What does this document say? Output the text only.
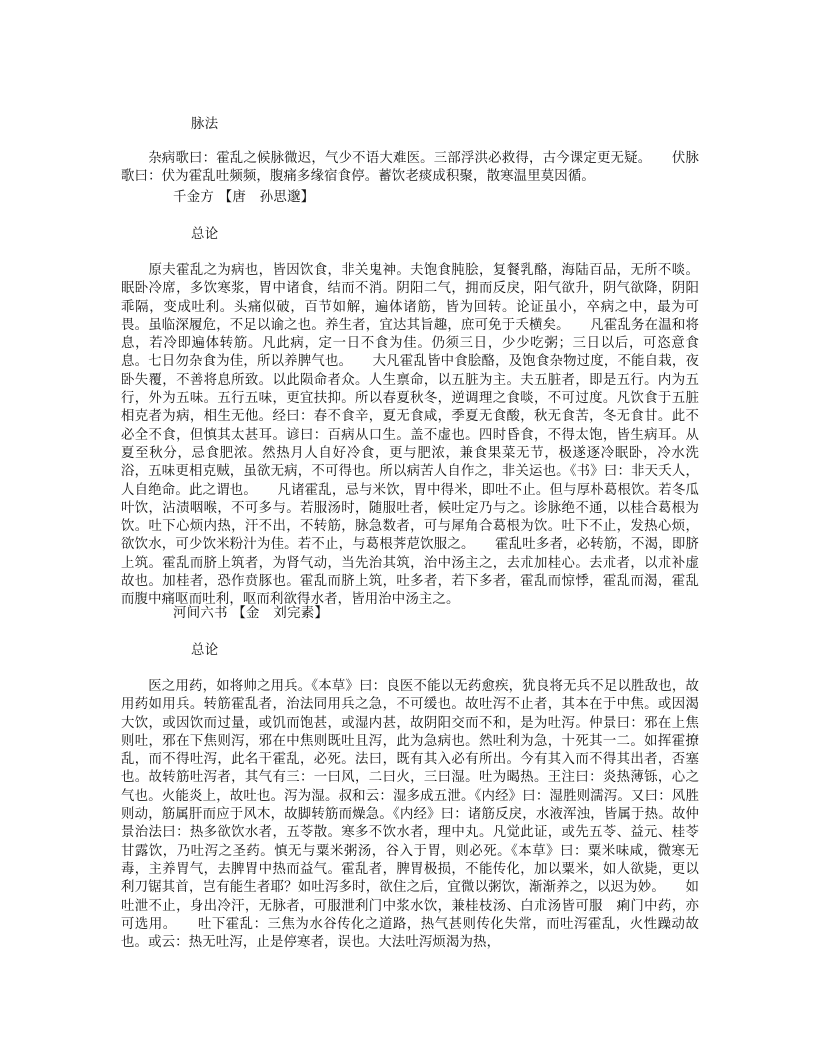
脉法

　　杂病歌曰：霍乱之候脉微迟，气少不语大难医。三部浮洪必救得，古今课定更无疑。　　伏脉歌曰：伏为霍乱吐频频，腹痛多缘宿食停。蓄饮老痰成积聚，散寒温里莫因循。

千金方 【唐　孙思邈】
总论

　　原夫霍乱之为病也，皆因饮食，非关鬼神。夫饱食肫脍，复餐乳酪，海陆百品，无所不啖。眠卧冷席，多饮寒浆，胃中诸食，结而不消。阴阳二气，拥而反戾，阳气欲升，阴气欲降，阴阳乖隔，变成吐利。头痛似破，百节如解，遍体诸筋，皆为回转。论证虽小，卒病之中，最为可畏。虽临深履危，不足以谕之也。养生者，宜达其旨趣，庶可免于夭横矣。　　凡霍乱务在温和将息，若冷即遍体转筋。凡此病，定一日不食为佳。仍须三日，少少吃粥；三日以后，可恣意食息。七日勿杂食为佳，所以养脾气也。　　大凡霍乱皆中食脍酪，及饱食杂物过度，不能自栽，夜卧失覆，不善将息所致。以此陨命者众。人生禀命，以五脏为主。夫五脏者，即是五行。内为五行，外为五味。五行五味，更宜扶抑。所以春夏秋冬，逆调理之食啖，不可过度。凡饮食于五脏相克者为病，相生无他。经曰：春不食辛，夏无食咸，季夏无食酸，秋无食苦，冬无食甘。此不必全不食，但慎其太甚耳。谚曰：百病从口生。盖不虚也。四时昏食，不得太饱，皆生病耳。从夏至秋分，忌食肥浓。然热月人自好冷食，更与肥浓，兼食果菜无节，极遂逐冷眠卧，冷水洗浴，五味更相克贼，虽欲无病，不可得也。所以病苦人自作之，非关运也。《书》曰：非天夭人，人自绝命。此之谓也。　　凡诸霍乱，忌与米饮，胃中得米，即吐不止。但与厚朴葛根饮。若冬瓜叶饮，沾渍咽喉，不可多与。若服汤时，随服吐者，候吐定乃与之。诊脉绝不通，以桂合葛根为饮。吐下心烦内热，汗不出，不转筋，脉急数者，可与犀角合葛根为饮。吐下不止，发热心烦，欲饮水，可少饮米粉汁为佳。若不止，与葛根荠苨饮服之。　　霍乱吐多者，必转筋，不渴，即脐上筑。霍乱而脐上筑者，为肾气动，当先治其筑，治中汤主之，去朮加桂心。去朮者，以朮补虚故也。加桂者，恐作贲豚也。霍乱而脐上筑，吐多者，若下多者，霍乱而惊悸，霍乱而渴，霍乱而腹中痛呕而吐利，呕而利欲得水者，皆用治中汤主之。

河间六书 【金　刘完素】
总论

　　医之用药，如将帅之用兵。《本草》曰：良医不能以无药愈疾，犹良将无兵不足以胜敌也，故用药如用兵。转筋霍乱者，治法同用兵之急，不可缓也。故吐泻不止者，其本在于中焦。或因渴大饮，或因饮而过量，或饥而饱甚，或湿内甚，故阴阳交而不和，是为吐泻。仲景曰：邪在上焦则吐，邪在下焦则泻，邪在中焦则既吐且泻，此为急病也。然吐利为急，十死其一二。如挥霍撩乱，而不得吐泻，此名干霍乱，必死。法曰，既有其入必有所出。今有其入而不得其出者，否塞也。故转筋吐泻者，其气有三：一曰风，二曰火，三曰湿。吐为暍热。王注曰：炎热薄铄，心之气也。火能炎上，故吐也。泻为湿。叔和云：湿多成五泄。《内经》曰：湿胜则濡泻。又曰：风胜则动，筋属肝而应于风木，故脚转筋而燥急。《内经》曰：诸筋反戾，水液浑浊，皆属于热。故仲景治法曰：热多欲饮水者，五苓散。寒多不饮水者，理中丸。凡觉此证，或先五苓、益元、桂苓甘露饮，乃吐泻之圣药。慎无与粟米粥汤，谷入于胃，则必死。《本草》曰：粟米味咸，微寒无毒，主养胃气，去脾胃中热而益气。霍乱者，脾胃极损，不能传化，加以粟米，如人欲毙，更以利刀锯其首，岂有能生者耶？如吐泻多时，欲住之后，宜微以粥饮，渐渐养之，以迟为妙。　　如吐泄不止，身出冷汗，无脉者，可服泄利门中浆水饮，兼桂枝汤、白朮汤皆可服　痢门中药，亦可选用。　　吐下霍乱：三焦为水谷传化之道路，热气甚则传化失常，而吐泻霍乱，火性躁动故也。或云：热无吐泻，止是停寒者，误也。大法吐泻烦渴为热，
